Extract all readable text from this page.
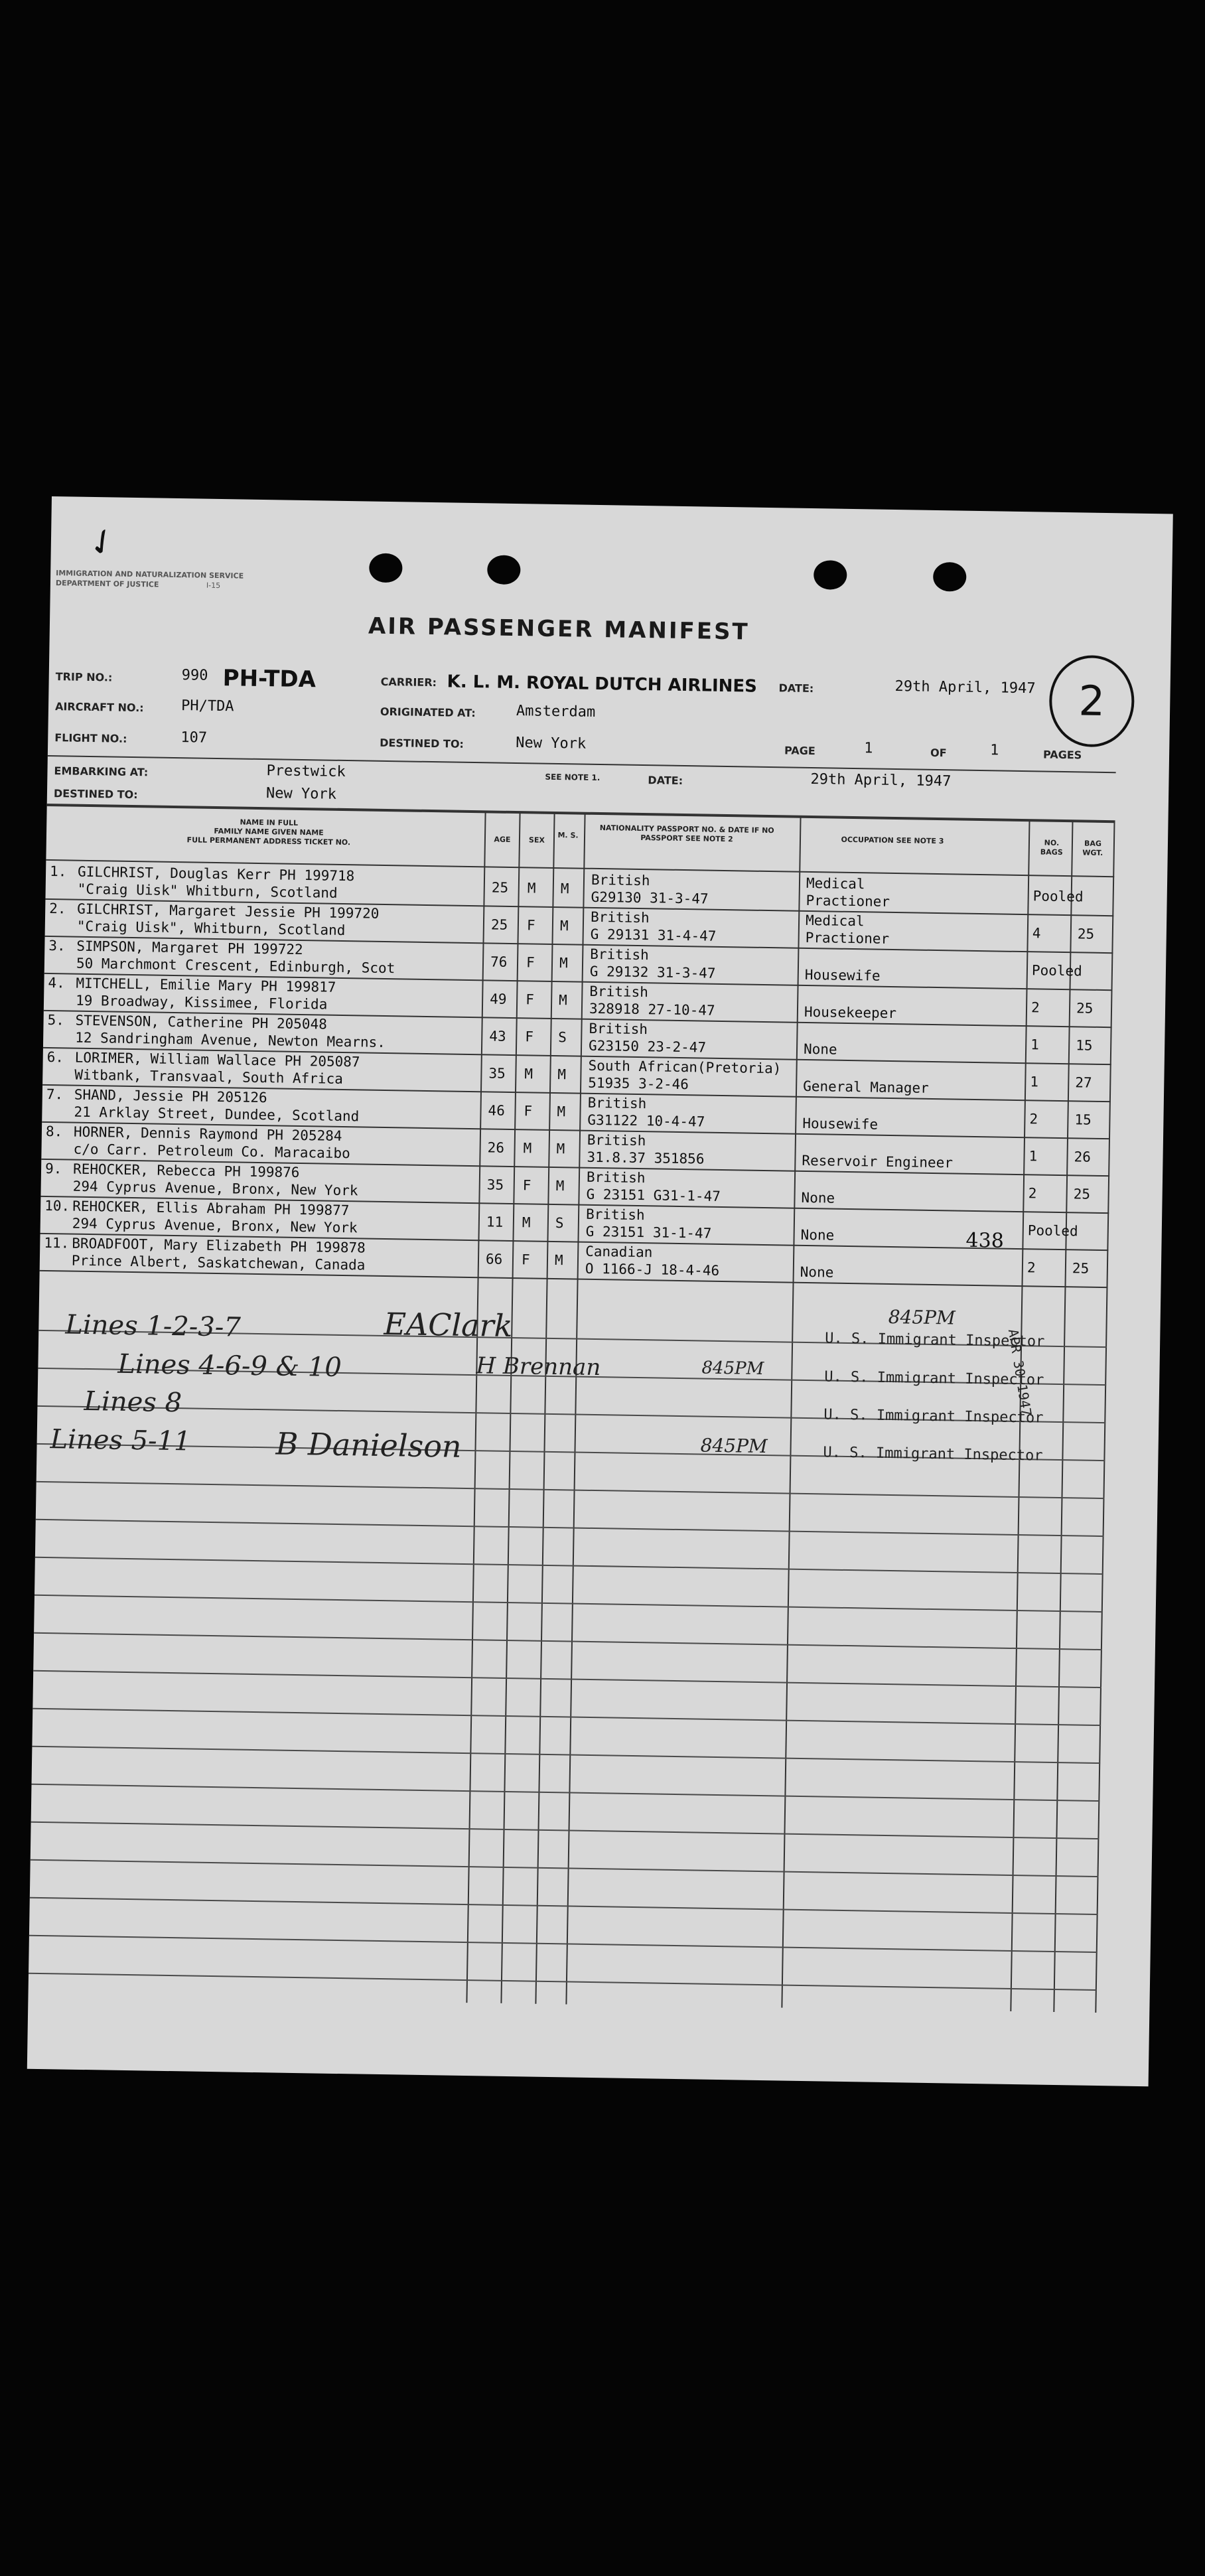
✓
IMMIGRATION AND NATURALIZATION SERVICE
DEPARTMENT OF JUSTICE	I-15
AIR PASSENGER MANIFEST
2
TRIP NO.:	990 PH-TDA
AIRCRAFT NO.:	PH/TDA
FLIGHT NO.:	107
CARRIER: K. L. M. ROYAL DUTCH AIRLINES
ORIGINATED AT:	Amsterdam
DESTINED TO:	New York
DATE:	29th April, 1947
PAGE	1	OF	1	PAGES
EMBARKING AT:	Prestwick	SEE NOTE 1.	DATE:	29th April, 1947
DESTINED TO:	New York
NAME IN FULL
FAMILY NAME GIVEN NAME
FULL PERMANENT ADDRESS TICKET NO.	AGE	SEX
M. S.
NATIONALITY PASSPORT NO. & DATE IF NO PASSPORT SEE NOTE 2	OCCUPATION SEE NOTE 3	NO. BAGS
BAG WGT.
1. GILCHRIST, Douglas Kerr PH 199718
"Craig Uisk" Whitburn, Scotland	25 M M British
G29130 31-3-47
Medical
Practioner	Pooled
2. GILCHRIST, Margaret Jessie PH 199720
"Craig Uisk", Whitburn, Scotland	25 F M British
G 29131 31-4-47
Medical
Practioner	4	25
3. SIMPSON, Margaret PH 199722
50 Marchmont Crescent, Edinburgh, Scot	76 F M British
G 29132 31-3-47	Housewife	Pooled
4. MITCHELL, Emilie Mary PH 199817
19 Broadway, Kissimee, Florida	49 F M British
328918 27-10-47	Housekeeper	2	25
5. STEVENSON, Catherine PH 205048
12 Sandringham Avenue, Newton Mearns.	43 F S British
G23150 23-2-47	None	1	15
6. LORIMER, William Wallace PH 205087
Witbank, Transvaal, South Africa	35 M M South African(Pretoria)
51935 3-2-46	General Manager	1	27
7. SHAND, Jessie PH 205126
21 Arklay Street, Dundee, Scotland	46 F M British
G31122 10-4-47	Housewife	2	15
8. HORNER, Dennis Raymond PH 205284
c/o Carr. Petroleum Co. Maracaibo	26 M M British
31.8.37 351856	Reservoir Engineer	1	26
9. REHOCKER, Rebecca PH 199876
294 Cyprus Avenue, Bronx, New York	35 F M British
G 23151 G31-1-47	None	2	25
10. REHOCKER, Ellis Abraham PH 199877
294 Cyprus Avenue, Bronx, New York	11 M S British
G 23151 31-1-47	None	Pooled
11. BROADFOOT, Mary Elizabeth PH 199878
Prince Albert, Saskatchewan, Canada	66 F M Canadian
O 1166-J 18-4-46	None	2	25
438
Lines 1-2-3-7	EAClark	845PM
U. S. Immigrant Inspector
Lines 4-6-9 & 10	H Brennan	845PM	U. S. Immigrant Inspector
Lines 8	U. S. Immigrant Inspector
Lines 5-11	B Danielson	845PM	U. S. Immigrant Inspector
APR 30 1947
